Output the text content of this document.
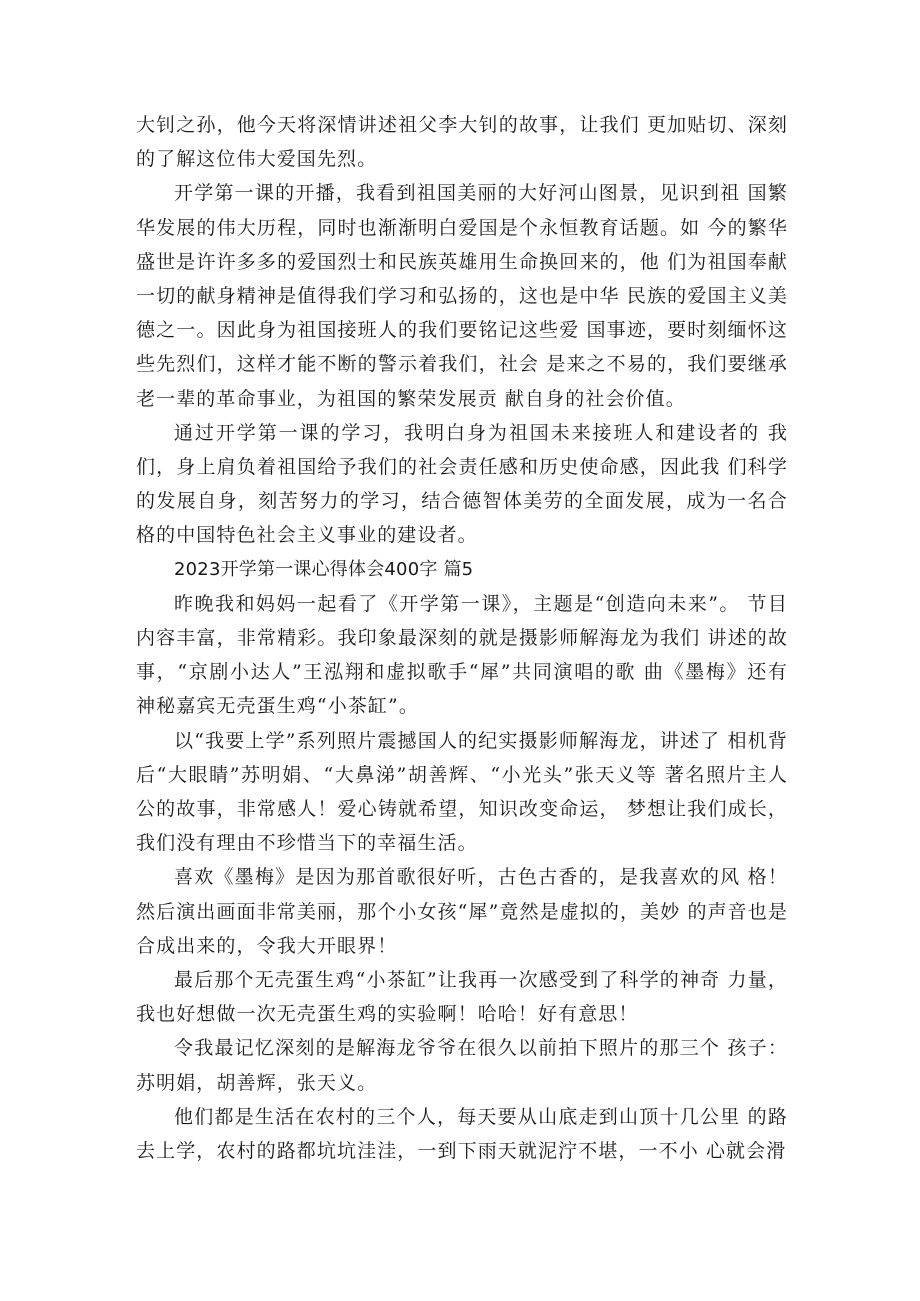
大钊之孙，他今天将深情讲述祖父李大钊的故事，让我们 更加贴切、深刻的了解这位伟大爱国先烈。

开学第一课的开播，我看到祖国美丽的大好河山图景，见识到祖 国繁华发展的伟大历程，同时也渐渐明白爱国是个永恒教育话题。如 今的繁华盛世是许许多多的爱国烈士和民族英雄用生命换回来的，他 们为祖国奉献一切的献身精神是值得我们学习和弘扬的，这也是中华 民族的爱国主义美德之一。因此身为祖国接班人的我们要铭记这些爱 国事迹，要时刻缅怀这些先烈们，这样才能不断的警示着我们，社会 是来之不易的，我们要继承老一辈的革命事业，为祖国的繁荣发展贡 献自身的社会价值。

通过开学第一课的学习，我明白身为祖国未来接班人和建设者的 我们，身上肩负着祖国给予我们的社会责任感和历史使命感，因此我 们科学的发展自身，刻苦努力的学习，结合德智体美劳的全面发展，成为一名合格的中国特色社会主义事业的建设者。

2023开学第一课心得体会400字 篇5

昨晚我和妈妈一起看了《开学第一课》，主题是“创造向未来”。 节目内容丰富，非常精彩。我印象最深刻的就是摄影师解海龙为我们 讲述的故事，“京剧小达人”王泓翔和虚拟歌手“犀”共同演唱的歌 曲《墨梅》还有神秘嘉宾无壳蛋生鸡“小茶缸”。

以“我要上学”系列照片震撼国人的纪实摄影师解海龙，讲述了 相机背后“大眼睛”苏明娟、“大鼻涕”胡善辉、“小光头”张天义等 著名照片主人公的故事，非常感人！爱心铸就希望，知识改变命运， 梦想让我们成长，我们没有理由不珍惜当下的幸福生活。

喜欢《墨梅》是因为那首歌很好听，古色古香的，是我喜欢的风 格！然后演出画面非常美丽，那个小女孩“犀”竟然是虚拟的，美妙 的声音也是合成出来的，令我大开眼界！

最后那个无壳蛋生鸡“小茶缸”让我再一次感受到了科学的神奇 力量，我也好想做一次无壳蛋生鸡的实验啊！哈哈！好有意思！

令我最记忆深刻的是解海龙爷爷在很久以前拍下照片的那三个 孩子：苏明娟，胡善辉，张天义。

他们都是生活在农村的三个人，每天要从山底走到山顶十几公里 的路去上学，农村的路都坑坑洼洼，一到下雨天就泥泞不堪，一不小 心就会滑
